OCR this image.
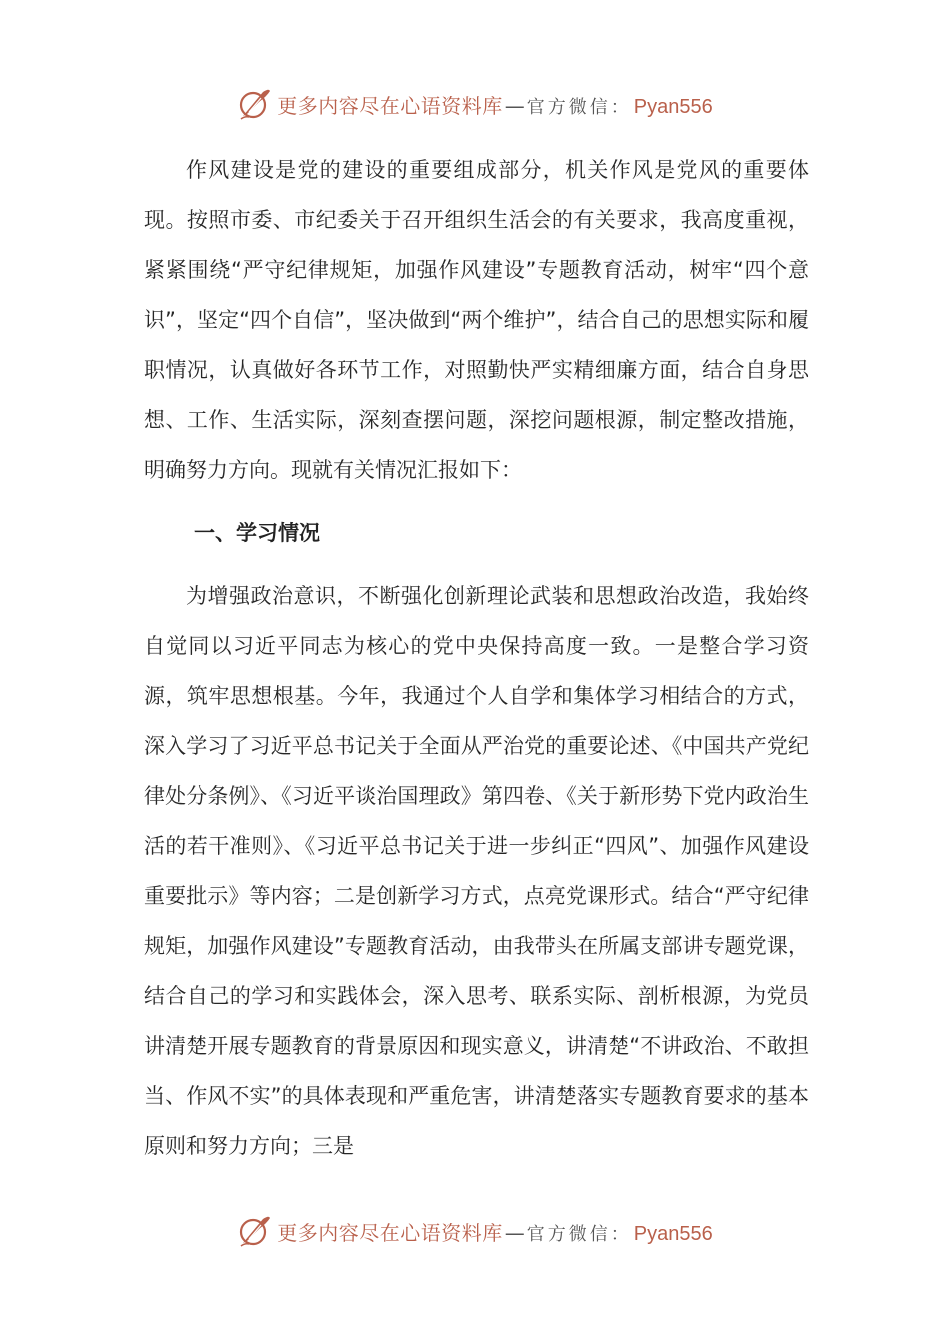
更多内容尽在心语资料库 — 官方微信： Pyan556

作风建设是党的建设的重要组成部分，机关作风是党风的重要体现。按照市委、市纪委关于召开组织生活会的有关要求，我高度重视，紧紧围绕“严守纪律规矩，加强作风建设”专题教育活动，树牢“四个意识”，坚定“四个自信”，坚决做到“两个维护”，结合自己的思想实际和履职情况，认真做好各环节工作，对照勤快严实精细廉方面，结合自身思想、工作、生活实际，深刻查摆问题，深挖问题根源，制定整改措施，明确努力方向。现就有关情况汇报如下：

一、学习情况

为增强政治意识，不断强化创新理论武装和思想政治改造，我始终自觉同以习近平同志为核心的党中央保持高度一致。一是整合学习资源，筑牢思想根基。今年，我通过个人自学和集体学习相结合的方式，深入学习了习近平总书记关于全面从严治党的重要论述、《中国共产党纪律处分条例》、《习近平谈治国理政》第四卷、《关于新形势下党内政治生活的若干准则》、《习近平总书记关于进一步纠正“四风”、加强作风建设重要批示》等内容；二是创新学习方式，点亮党课形式。结合“严守纪律规矩，加强作风建设”专题教育活动，由我带头在所属支部讲专题党课，结合自己的学习和实践体会，深入思考、联系实际、剖析根源，为党员讲清楚开展专题教育的背景原因和现实意义，讲清楚“不讲政治、不敢担当、作风不实”的具体表现和严重危害，讲清楚落实专题教育要求的基本原则和努力方向；三是

更多内容尽在心语资料库 — 官方微信： Pyan556
